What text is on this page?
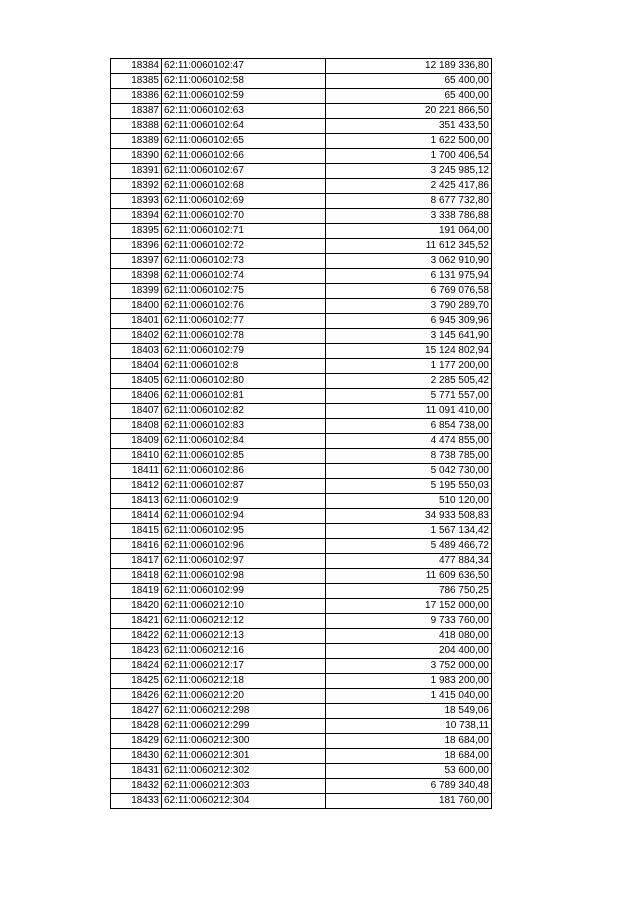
18384	62:11:0060102:47	12 189 336,80
18385	62:11:0060102:58	65 400,00
18386	62:11:0060102:59	65 400,00
18387	62:11:0060102:63	20 221 866,50
18388	62:11:0060102:64	351 433,50
18389	62:11:0060102:65	1 622 500,00
18390	62:11:0060102:66	1 700 406,54
18391	62:11:0060102:67	3 245 985,12
18392	62:11:0060102:68	2 425 417,86
18393	62:11:0060102:69	8 677 732,80
18394	62:11:0060102:70	3 338 786,88
18395	62:11:0060102:71	191 064,00
18396	62:11:0060102:72	11 612 345,52
18397	62:11:0060102:73	3 062 910,90
18398	62:11:0060102:74	6 131 975,94
18399	62:11:0060102:75	6 769 076,58
18400	62:11:0060102:76	3 790 289,70
18401	62:11:0060102:77	6 945 309,96
18402	62:11:0060102:78	3 145 641,90
18403	62:11:0060102:79	15 124 802,94
18404	62:11:0060102:8	1 177 200,00
18405	62:11:0060102:80	2 285 505,42
18406	62:11:0060102:81	5 771 557,00
18407	62:11:0060102:82	11 091 410,00
18408	62:11:0060102:83	6 854 738,00
18409	62:11:0060102:84	4 474 855,00
18410	62:11:0060102:85	8 738 785,00
18411	62:11:0060102:86	5 042 730,00
18412	62:11:0060102:87	5 195 550,03
18413	62:11:0060102:9	510 120,00
18414	62:11:0060102:94	34 933 508,83
18415	62:11:0060102:95	1 567 134,42
18416	62:11:0060102:96	5 489 466,72
18417	62:11:0060102:97	477 884,34
18418	62:11:0060102:98	11 609 636,50
18419	62:11:0060102:99	786 750,25
18420	62:11:0060212:10	17 152 000,00
18421	62:11:0060212:12	9 733 760,00
18422	62:11:0060212:13	418 080,00
18423	62:11:0060212:16	204 400,00
18424	62:11:0060212:17	3 752 000,00
18425	62:11:0060212:18	1 983 200,00
18426	62:11:0060212:20	1 415 040,00
18427	62:11:0060212:298	18 549,06
18428	62:11:0060212:299	10 738,11
18429	62:11:0060212:300	18 684,00
18430	62:11:0060212:301	18 684,00
18431	62:11:0060212:302	53 600,00
18432	62:11:0060212:303	6 789 340,48
18433	62:11:0060212:304	181 760,00
